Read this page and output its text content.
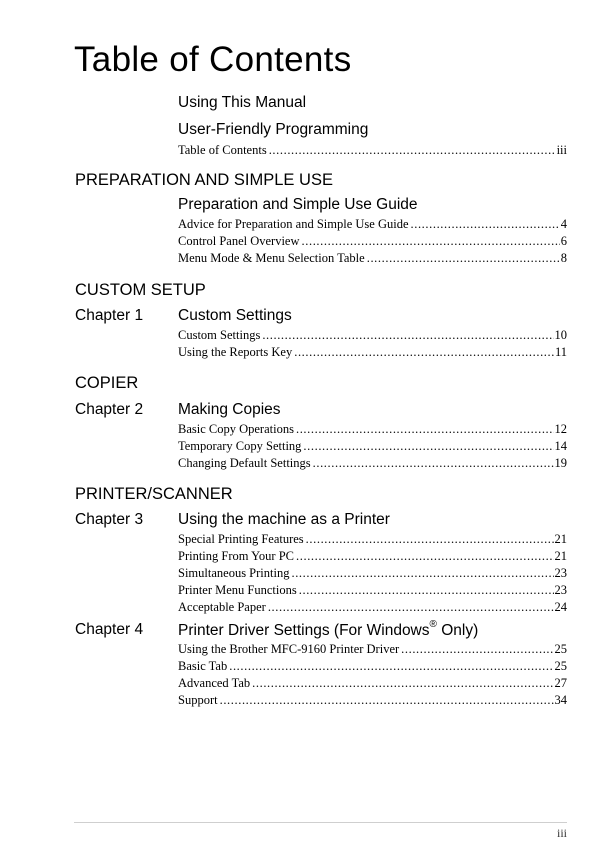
Table of Contents
Using This Manual
User-Friendly Programming
Table of Contents .....	iii
PREPARATION AND SIMPLE USE
Preparation and Simple Use Guide
Advice for Preparation and Simple Use Guide .....	4
Control Panel Overview .....	6
Menu Mode & Menu Selection Table .....	8
CUSTOM SETUP
Chapter 1 Custom Settings
Custom Settings .....	10
Using the Reports Key .....	11
COPIER
Chapter 2 Making Copies
Basic Copy Operations .....	12
Temporary Copy Setting .....	14
Changing Default Settings .....	19
PRINTER/SCANNER
Chapter 3 Using the machine as a Printer
Special Printing Features .....	21
Printing From Your PC .....	21
Simultaneous Printing .....	23
Printer Menu Functions .....	23
Acceptable Paper .....	24
Chapter 4 Printer Driver Settings (For Windows® Only)
Using the Brother MFC-9160 Printer Driver .....	25
Basic Tab .....	25
Advanced Tab .....	27
Support .....	34
iii
